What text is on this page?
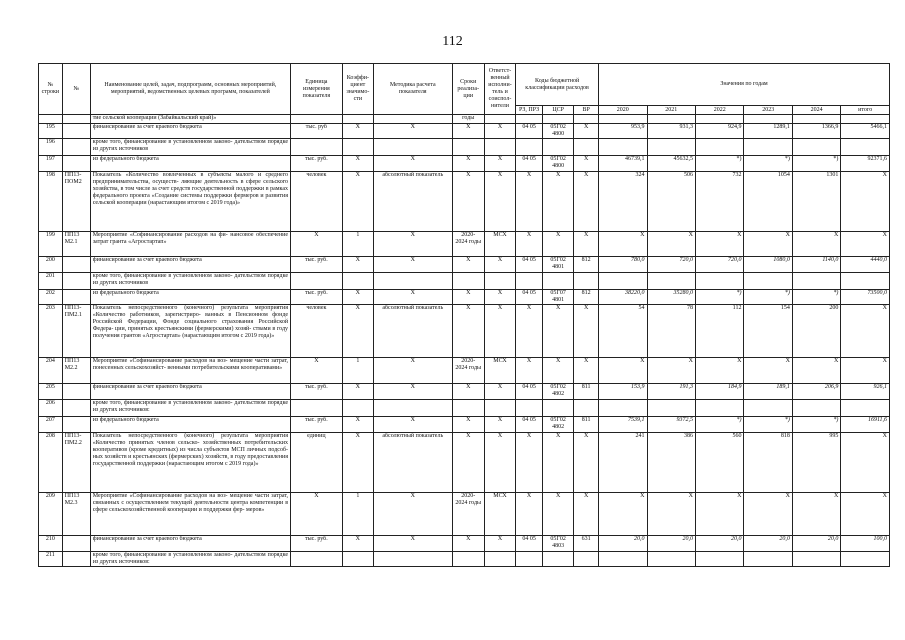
112
№ строки	№	Наименование целей, задач, подпрограмм, основных мероприятий, мероприятий, ведомственных целевых программ, показателей	Единица измерения показателя	Коэффи- циент значимо- сти	Методика расчета показателя	Сроки реализа- ции	Ответст- венный исполни- тель и соиспол- нители	Коды бюджетной классификации расходов			Значения по годам					
								РЗ, ПРЗ	ЦСР	ВР	2020	2021	2022	2023	2024	итого
		тие сельской кооперации (Забайкальский край)»				годы										
195		финансирование за счет краевого бюджета	тыс. руб	X	X	X	X	04 05	05Г02 4800	X	953,9	931,3	924,9	1289,1	1366,9	5466,1
196		кроме того, финансирование в установленном законо- дательством порядке из других источников														
197		из федерального бюджета	тыс. руб.	X	X	X	X	04 05	05Г02 4800	X	46739,1	45632,5	*)	*)	*)	92371,6
198	ПП13- ПОМ2	Показатель «Количество вовлеченных в субъекты малого и среднего предпринимательства, осуществ- ляющие деятельность в сфере сельского хозяйства, в том числе за счет средств государственной поддержки в рамках федерального проекта «Создание системы поддержки фермеров и развития сельской кооперации (нарастающим итогом с 2019 года)»	человек	X	абсолютный показатель	X	X	X	X	X	324	506	732	1054	1301	X
199	ПП13 М2.1	Мероприятие «Софинансирование расходов на фи- нансовое обеспечение затрат гранта «Агростартап»	X	1	X	2020- 2024 годы	МСХ	X	X	X	X	X	X	X	X	X
200		финансирование за счет краевого бюджета	тыс. руб.	X	X	X	X	04 05	05Г02 4801	812	780,0	720,0	720,0	1080,0	1140,0	4440,0
201		кроме того, финансирование в установленном законо- дательством порядке из других источников														
202		из федерального бюджета	тыс. руб.	X	X	X	X	04 05	05Г07 4801	812	38220,0	35280,0	*)	*)	*)	73500,0
203	ПП13- ПМ2.1	Показатель непосредственного (конечного) результата мероприятия «Количество работников, зарегистриро- ванных в Пенсионном фонде Российской Федерации, Фонде социального страхования Российской Федера- ции, принятых крестьянскими (фермерскими) хозяй- ствами в году получения грантов «Агростартап» (нарастающим итогом с 2019 года)»	человек	X	абсолютный показатель	X	X	X	X	X	54	78	112	154	200	X
204	ПП13 М2.2	Мероприятие «Софинансирование расходов на воз- мещение части затрат, понесенных сельскохозяйст- венными потребительскими кооперативами»	X	1	X	2020- 2024 годы	МСХ	X	X	X	X	X	X	X	X	X
205		финансирование за счет краевого бюджета	тыс. руб.	X	X	X	X	04 05	05Г02 4802	811	153,9	191,3	184,9	189,1	206,9	926,1
206		кроме того, финансирование в установленном законо- дательством порядке из других источников:														
207		из федерального бюджета	тыс. руб.	X	X	X	X	04 05	05Г02 4802	811	7539,1	9372,5	*)	*)	*)	16911,6
208	ПП13- ПМ2.2	Показатель непосредственного (конечного) результата мероприятия «Количество принятых членов сельско- хозяйственных потребительских кооперативов (кроме кредитных) из числа субъектов МСП личных подсоб- ных хозяйств и крестьянских (фермерских) хозяйств, в году предоставления государственной поддержки (нарастающим итогом с 2019 года)»	единиц	X	абсолютный показатель	X	X	X	X	X	241	386	560	818	995	X
209	ПП13 М2.3	Мероприятие «Софинансирование расходов на воз- мещение части затрат, связанных с осуществлением текущей деятельности центра компетенции в сфере сельскохозяйственной кооперации и поддержки фер- меров»	X	1	X	2020- 2024 годы	МСХ	X	X	X	X	X	X	X	X	X
210		финансирование за счет краевого бюджета	тыс. руб.	X	X	X	X	04 05	05Г02 4803	631	20,0	20,0	20,0	20,0	20,0	100,0
211		кроме того, финансирование в установленном законо- дательством порядке из других источников:														
